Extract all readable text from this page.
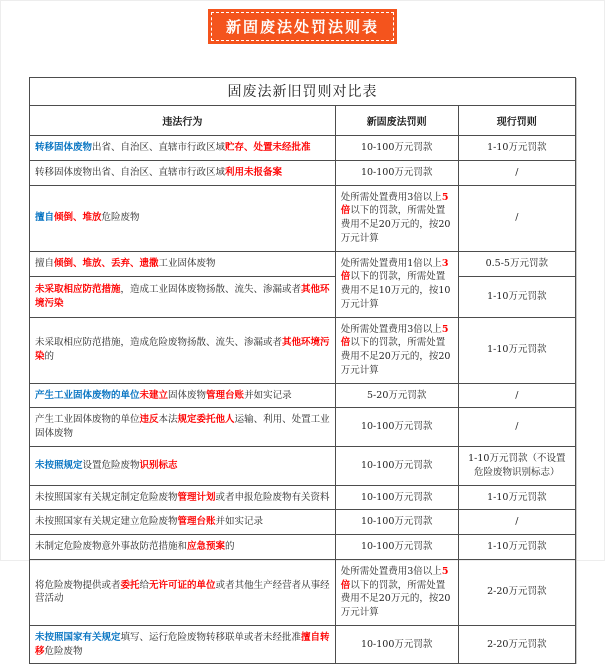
新固废法处罚法则表
固废法新旧罚则对比表		
违法行为	新固废法罚则	现行罚则
转移固体废物出省、自治区、直辖市行政区域贮存、处置未经批准	10-100万元罚款	1-10万元罚款
转移固体废物出省、自治区、直辖市行政区域利用未报备案	10-100万元罚款	/
擅自倾倒、堆放危险废物	处所需处置费用3倍以上5倍以下的罚款，所需处置费用不足20万元的，按20万元计算	/
擅自倾倒、堆放、丢弃、遗撒工业固体废物	处所需处置费用1倍以上3倍以下的罚款，所需处置费用不足10万元的，按10万元计算	0.5-5万元罚款
未采取相应防范措施，造成工业固体废物扬散、流失、渗漏或者其他环境污染		1-10万元罚款
未采取相应防范措施，造成危险废物扬散、流失、渗漏或者其他环境污染的	处所需处置费用3倍以上5倍以下的罚款，所需处置费用不足20万元的，按20万元计算	1-10万元罚款
产生工业固体废物的单位未建立固体废物管理台账并如实记录	5-20万元罚款	/
产生工业固体废物的单位违反本法规定委托他人运输、利用、处置工业固体废物	10-100万元罚款	/
未按照规定设置危险废物识别标志	10-100万元罚款	1-10万元罚款（不设置危险废物识别标志）
未按照国家有关规定制定危险废物管理计划或者申报危险废物有关资料	10-100万元罚款	1-10万元罚款
未按照国家有关规定建立危险废物管理台账并如实记录	10-100万元罚款	/
未制定危险废物意外事故防范措施和应急预案的	10-100万元罚款	1-10万元罚款
将危险废物提供或者委托给无许可证的单位或者其他生产经营者从事经营活动	处所需处置费用3倍以上5倍以下的罚款，所需处置费用不足20万元的，按20万元计算	2-20万元罚款
未按照国家有关规定填写、运行危险废物转移联单或者未经批准擅自转移危险废物	10-100万元罚款	2-20万元罚款
